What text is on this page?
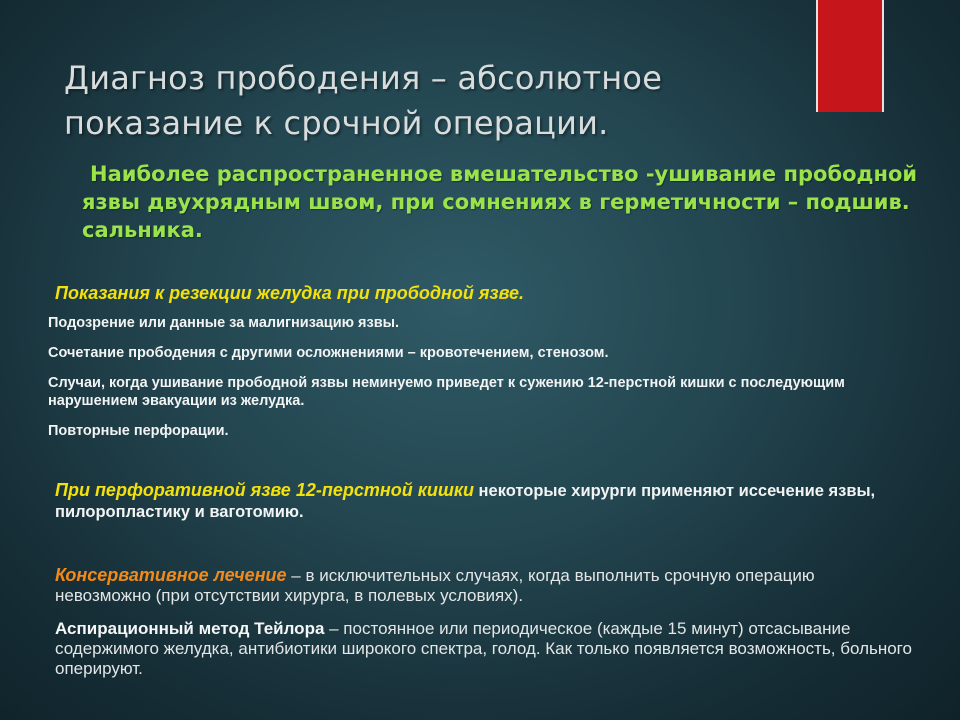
Диагноз прободения – абсолютное
показание к срочной операции.
Наиболее распространенное вмешательство -ушивание прободной язвы двухрядным швом, при сомнениях в герметичности – подшив. сальника.
Показания к резекции желудка при прободной язве.
Подозрение или данные за малигнизацию язвы.
Сочетание прободения с другими осложнениями – кровотечением, стенозом.
Случаи, когда ушивание прободной язвы неминуемо приведет к сужению 12-перстной кишки с последующим нарушением эвакуации из желудка.
Повторные перфорации.
При перфоративной язве 12-перстной кишки некоторые хирурги применяют иссечение язвы, пилоропластику и ваготомию.
Консервативное лечение – в исключительных случаях, когда выполнить срочную операцию невозможно (при отсутствии хирурга, в полевых условиях).
Аспирационный метод Тейлора – постоянное или периодическое (каждые 15 минут) отсасывание содержимого желудка, антибиотики широкого спектра, голод. Как только появляется возможность, больного оперируют.
